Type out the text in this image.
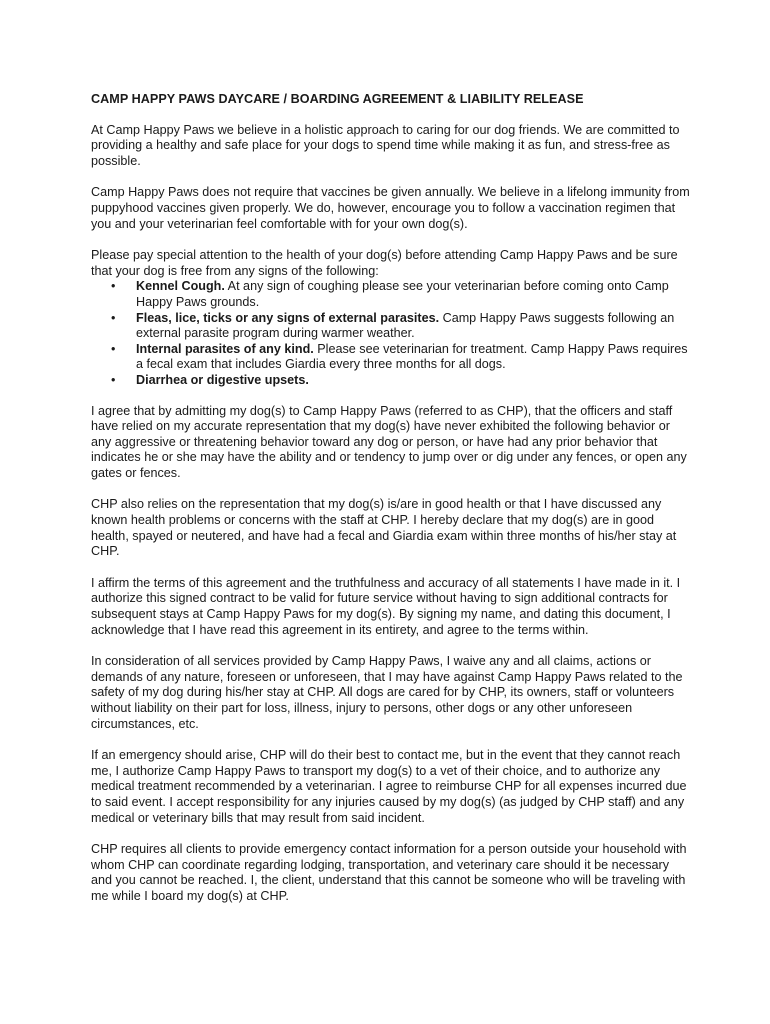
CAMP HAPPY PAWS DAYCARE / BOARDING AGREEMENT & LIABILITY RELEASE

At Camp Happy Paws we believe in a holistic approach to caring for our dog friends. We are committed to providing a healthy and safe place for your dogs to spend time while making it as fun, and stress-free as possible.

Camp Happy Paws does not require that vaccines be given annually. We believe in a lifelong immunity from puppyhood vaccines given properly. We do, however, encourage you to follow a vaccination regimen that you and your veterinarian feel comfortable with for your own dog(s).

Please pay special attention to the health of your dog(s) before attending Camp Happy Paws and be sure that your dog is free from any signs of the following:

• Kennel Cough. At any sign of coughing please see your veterinarian before coming onto Camp Happy Paws grounds.
• Fleas, lice, ticks or any signs of external parasites. Camp Happy Paws suggests following an external parasite program during warmer weather.
• Internal parasites of any kind. Please see veterinarian for treatment. Camp Happy Paws requires a fecal exam that includes Giardia every three months for all dogs.
• Diarrhea or digestive upsets.

I agree that by admitting my dog(s) to Camp Happy Paws (referred to as CHP), that the officers and staff have relied on my accurate representation that my dog(s) have never exhibited the following behavior or any aggressive or threatening behavior toward any dog or person, or have had any prior behavior that indicates he or she may have the ability and or tendency to jump over or dig under any fences, or open any gates or fences.

CHP also relies on the representation that my dog(s) is/are in good health or that I have discussed any known health problems or concerns with the staff at CHP. I hereby declare that my dog(s) are in good health, spayed or neutered, and have had a fecal and Giardia exam within three months of his/her stay at CHP.

I affirm the terms of this agreement and the truthfulness and accuracy of all statements I have made in it. I authorize this signed contract to be valid for future service without having to sign additional contracts for subsequent stays at Camp Happy Paws for my dog(s). By signing my name, and dating this document, I acknowledge that I have read this agreement in its entirety, and agree to the terms within.

In consideration of all services provided by Camp Happy Paws, I waive any and all claims, actions or demands of any nature, foreseen or unforeseen, that I may have against Camp Happy Paws related to the safety of my dog during his/her stay at CHP. All dogs are cared for by CHP, its owners, staff or volunteers without liability on their part for loss, illness, injury to persons, other dogs or any other unforeseen circumstances, etc.

If an emergency should arise, CHP will do their best to contact me, but in the event that they cannot reach me, I authorize Camp Happy Paws to transport my dog(s) to a vet of their choice, and to authorize any medical treatment recommended by a veterinarian. I agree to reimburse CHP for all expenses incurred due to said event. I accept responsibility for any injuries caused by my dog(s) (as judged by CHP staff) and any medical or veterinary bills that may result from said incident.

CHP requires all clients to provide emergency contact information for a person outside your household with whom CHP can coordinate regarding lodging, transportation, and veterinary care should it be necessary and you cannot be reached. I, the client, understand that this cannot be someone who will be traveling with me while I board my dog(s) at CHP.
